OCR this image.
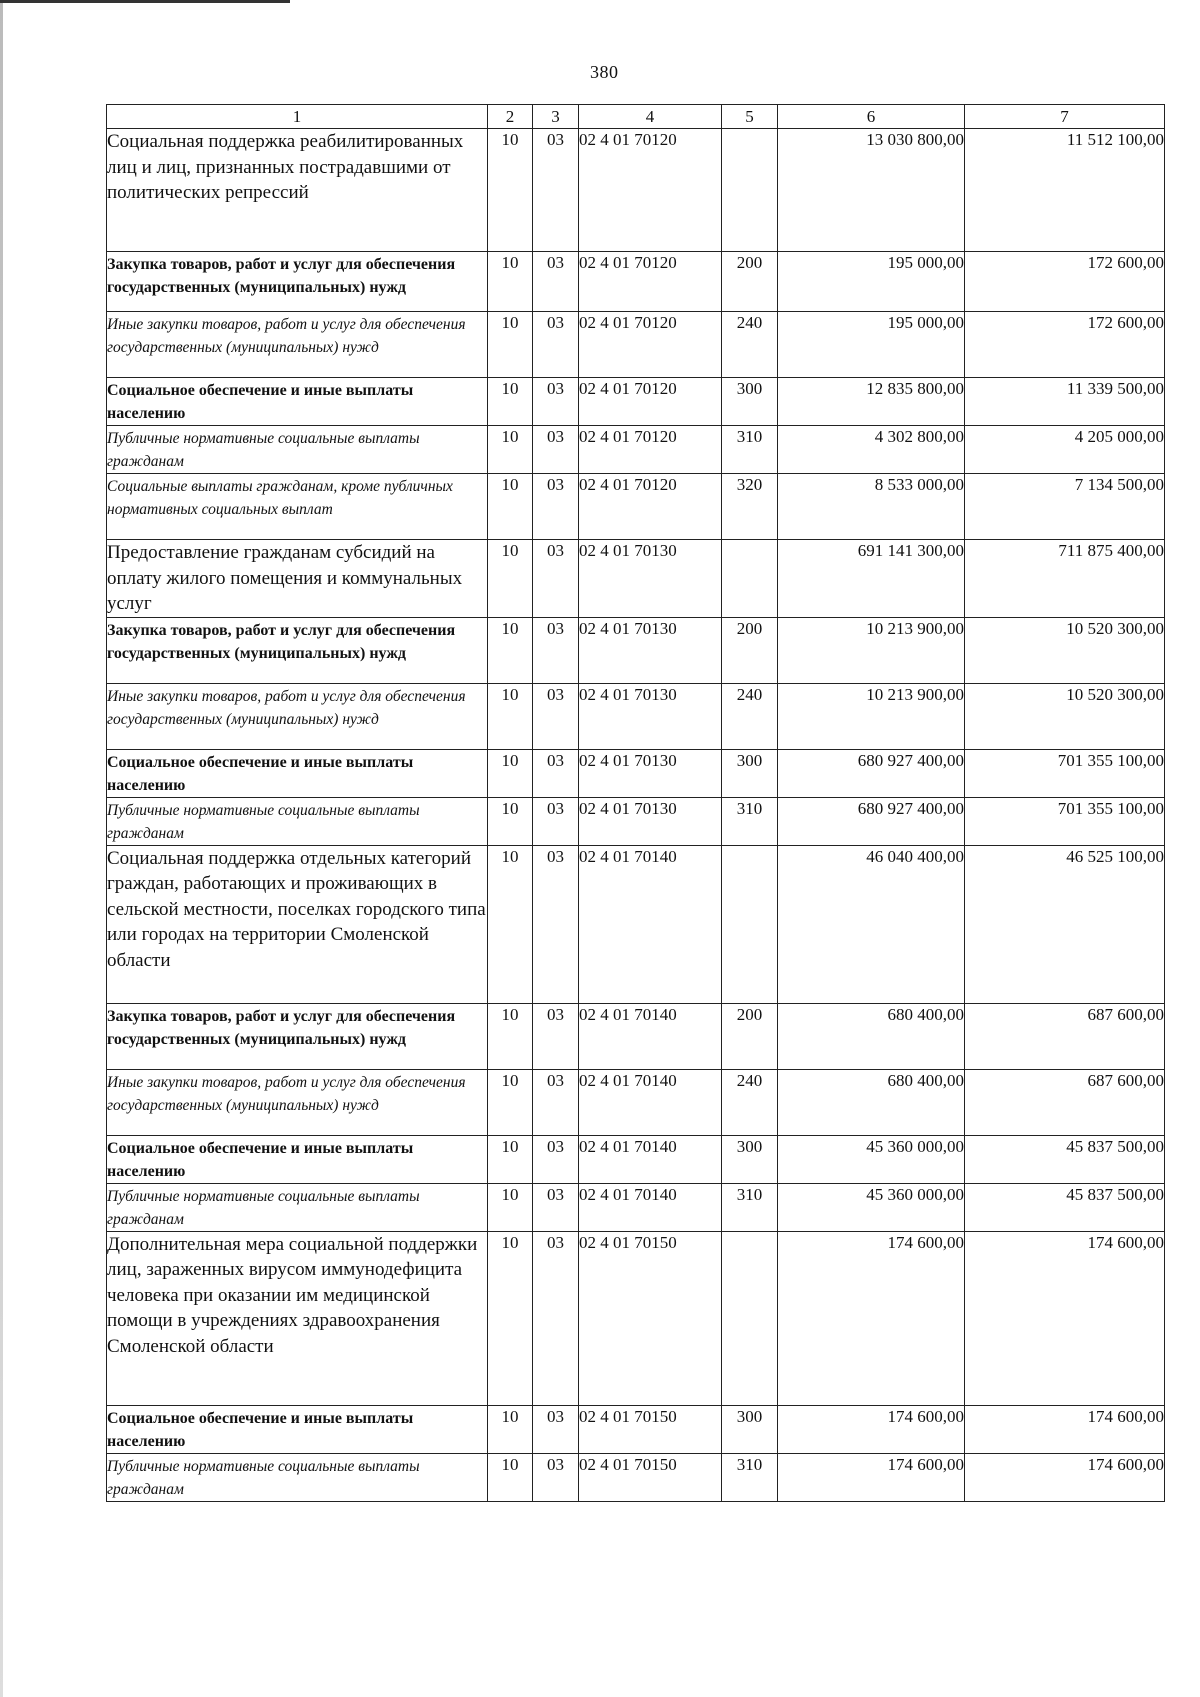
380
1	2	3	4	5	6	7
Социальная поддержка реабилитированных лиц и лиц, признанных пострадавшими от политических репрессий	10	03	02 4 01 70120		13 030 800,00	11 512 100,00
Закупка товаров, работ и услуг для обеспечения государственных (муниципальных) нужд	10	03	02 4 01 70120	200	195 000,00	172 600,00
Иные закупки товаров, работ и услуг для обеспечения государственных (муниципальных) нужд	10	03	02 4 01 70120	240	195 000,00	172 600,00
Социальное обеспечение и иные выплаты населению	10	03	02 4 01 70120	300	12 835 800,00	11 339 500,00
Публичные нормативные социальные выплаты гражданам	10	03	02 4 01 70120	310	4 302 800,00	4 205 000,00
Социальные выплаты гражданам, кроме публичных нормативных социальных выплат	10	03	02 4 01 70120	320	8 533 000,00	7 134 500,00
Предоставление гражданам субсидий на оплату жилого помещения и коммунальных услуг	10	03	02 4 01 70130		691 141 300,00	711 875 400,00
Закупка товаров, работ и услуг для обеспечения государственных (муниципальных) нужд	10	03	02 4 01 70130	200	10 213 900,00	10 520 300,00
Иные закупки товаров, работ и услуг для обеспечения государственных (муниципальных) нужд	10	03	02 4 01 70130	240	10 213 900,00	10 520 300,00
Социальное обеспечение и иные выплаты населению	10	03	02 4 01 70130	300	680 927 400,00	701 355 100,00
Публичные нормативные социальные выплаты гражданам	10	03	02 4 01 70130	310	680 927 400,00	701 355 100,00
Социальная поддержка отдельных категорий граждан, работающих и проживающих в сельской местности, поселках городского типа или городах на территории Смоленской области	10	03	02 4 01 70140		46 040 400,00	46 525 100,00
Закупка товаров, работ и услуг для обеспечения государственных (муниципальных) нужд	10	03	02 4 01 70140	200	680 400,00	687 600,00
Иные закупки товаров, работ и услуг для обеспечения государственных (муниципальных) нужд	10	03	02 4 01 70140	240	680 400,00	687 600,00
Социальное обеспечение и иные выплаты населению	10	03	02 4 01 70140	300	45 360 000,00	45 837 500,00
Публичные нормативные социальные выплаты гражданам	10	03	02 4 01 70140	310	45 360 000,00	45 837 500,00
Дополнительная мера социальной поддержки лиц, зараженных вирусом иммунодефицита человека при оказании им медицинской помощи в учреждениях здравоохранения Смоленской области	10	03	02 4 01 70150		174 600,00	174 600,00
Социальное обеспечение и иные выплаты населению	10	03	02 4 01 70150	300	174 600,00	174 600,00
Публичные нормативные социальные выплаты гражданам	10	03	02 4 01 70150	310	174 600,00	174 600,00
